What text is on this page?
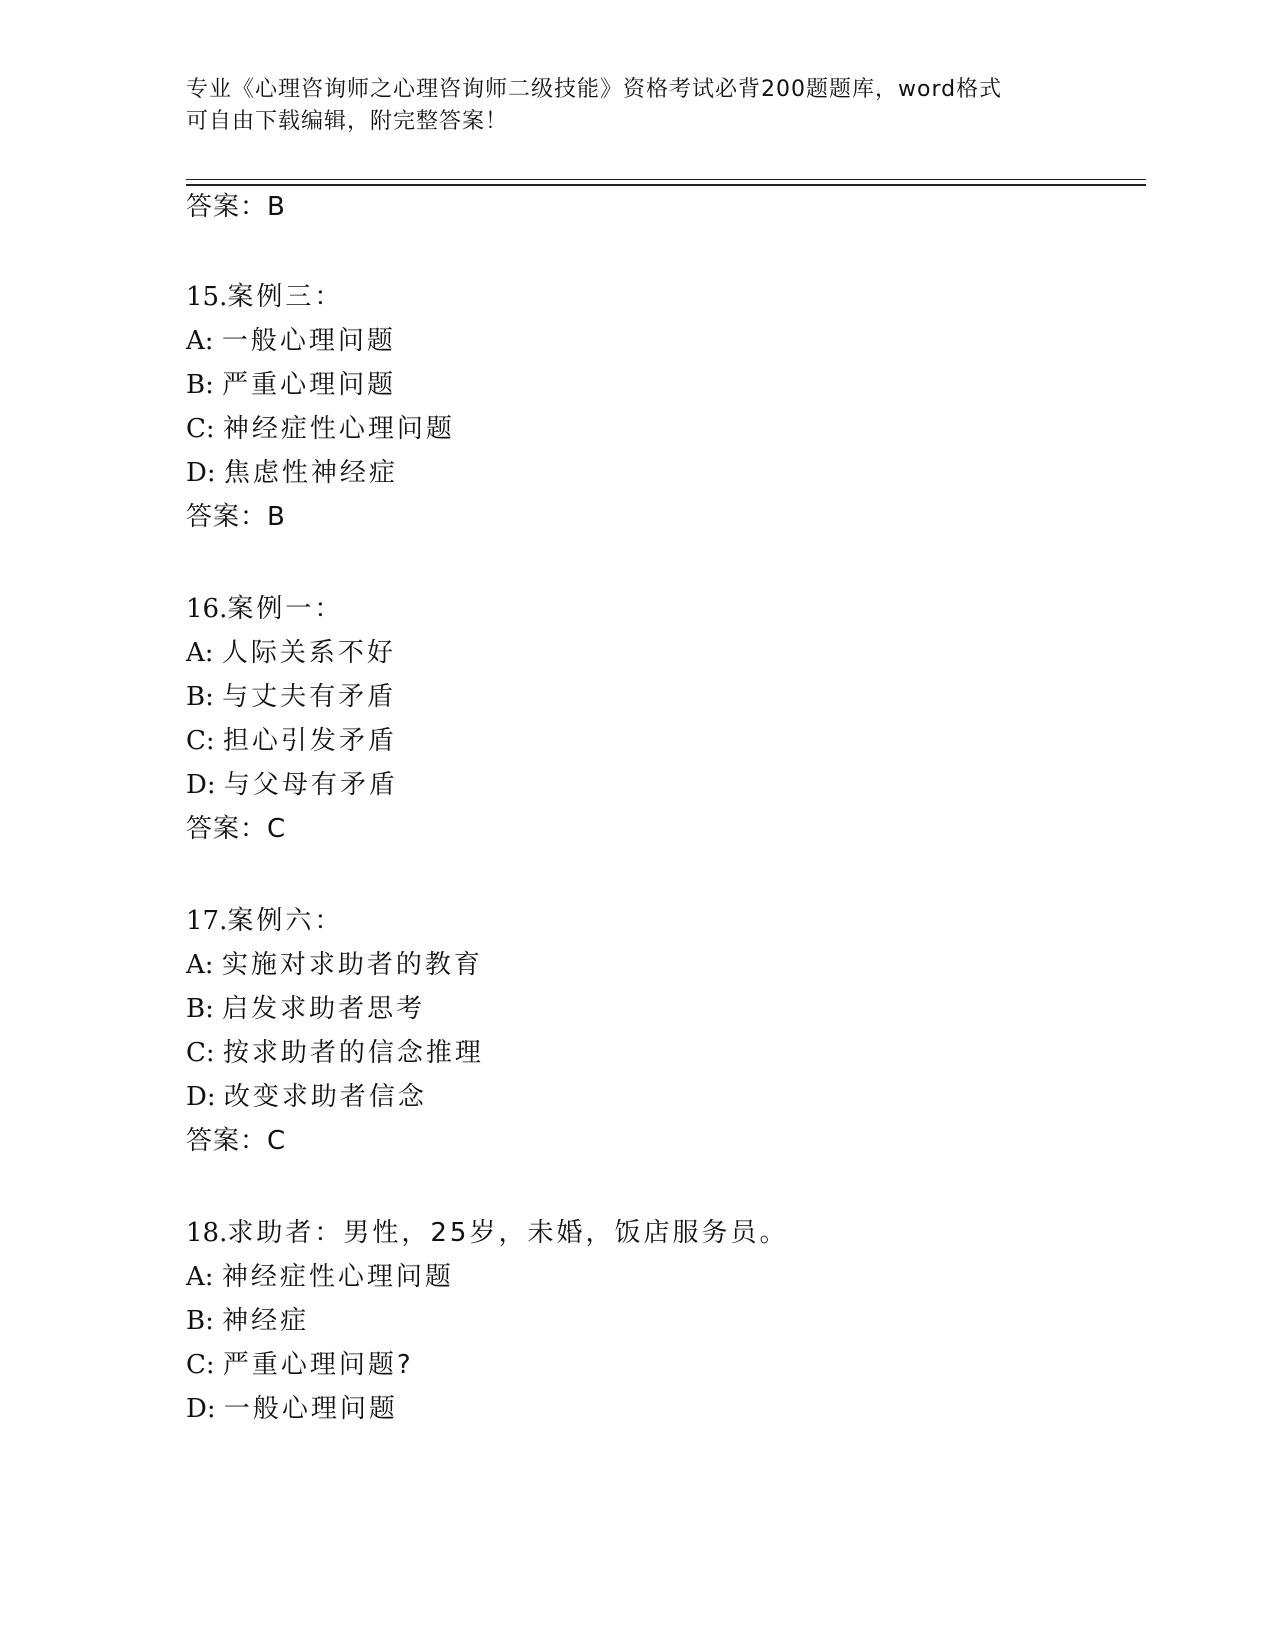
专业《心理咨询师之心理咨询师二级技能》资格考试必背200题题库，word格式
可自由下载编辑，附完整答案！
答案：B
15.案例三：
A: 一般心理问题
B: 严重心理问题
C: 神经症性心理问题
D: 焦虑性神经症
答案：B
16.案例一：
A: 人际关系不好
B: 与丈夫有矛盾
C: 担心引发矛盾
D: 与父母有矛盾
答案：C
17.案例六：
A: 实施对求助者的教育
B: 启发求助者思考
C: 按求助者的信念推理
D: 改变求助者信念
答案：C
18.求助者：男性，25岁，未婚，饭店服务员。
A: 神经症性心理问题
B: 神经症
C: 严重心理问题?
D: 一般心理问题
